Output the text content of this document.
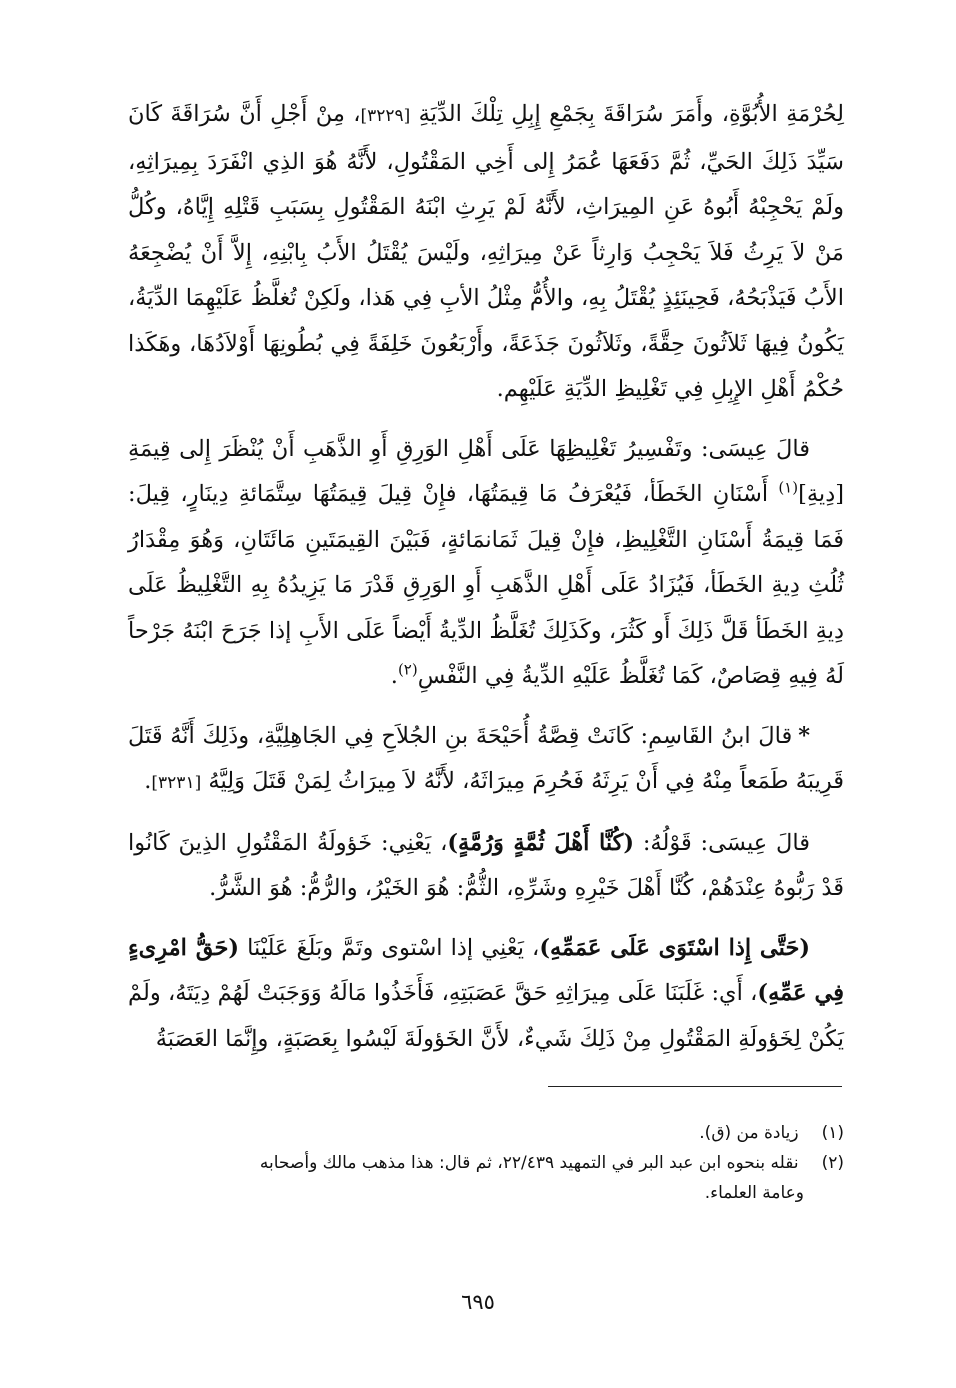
لِحُرْمَةِ الأُبُوَّةِ، وأَمَرَ سُرَاقَةَ بِجَمْعِ إِبِلِ تِلْكَ الدِّيَةِ [٣٢٢٩]، مِنْ أَجْلِ أَنَّ سُرَاقَةَ كَانَ سَيِّدَ ذَلِكَ الحَيِّ، ثُمَّ دَفَعَهَا عُمَرُ إِلى أَخِي المَقْتُولِ، لأَنَّهُ هُوَ الذِي انْفَرَدَ بِمِيرَاثِهِ، ولَمْ يَحْجِبْهُ أَبُوهُ عَنِ المِيرَاثِ، لأَنَّهُ لَمْ يَرِثِ ابْنَهُ المَقْتُولِ بِسَبَبِ قَتْلِهِ إِيَّاهُ، وكُلُّ مَنْ لاَ يَرِثُ فَلاَ يَحْجِبُ وَارِثاً عَنْ مِيرَاثِهِ، ولَيْسَ يُقْتَلُ الأَبُ بِابْنِهِ، إِلاَّ أَنْ يُضْجِعَهُ الأَبُ فَيَذْبَحُهُ، فَحِينَئِذٍ يُقْتَلُ بِهِ، والأُمُّ مِثْلُ الأبِ فِي هَذا، ولَكِنْ تُغلَّظُ عَلَيْهِمَا الدِّيَةُ، يَكُونُ فِيهَا ثَلاَثُونَ حِقَّةً، وثَلاَثُونَ جَذَعَةً، وأَرْبَعُونَ خَلِفَةً فِي بُطُونِهَا أَوْلاَدُهَا، وهَكَذا حُكْمُ أَهْلِ الإِبِلِ فِي تَغْلِيظِ الدِّيَةِ عَلَيْهِم.

قالَ عِيسَى: وتَفْسِيرُ تَغْلِيظِهَا عَلَى أَهْلِ الوَرِقِ أَوِ الذَّهَبِ أَنْ يُنْظَرَ إِلى قِيمَةِ [دِيةِ]$^{(١)}$ أَسْنَانِ الخَطَأ، فَيُعْرَفُ مَا قِيمَتُهَا، فإِنْ قِيلَ قِيمَتُهَا سِتَّمَائةِ دِينَارٍ، قِيلَ: فَمَا قِيمَةُ أَسْنَانِ التَّغْلِيظِ، فإِنْ قِيلَ ثَمَانمَائةٍ، فَبَيْنَ القِيمَتَينِ مَائَتَانِ، وَهُوَ مِقْدَارُ ثُلُثِ دِيةِ الخَطَأ، فَيُزَادُ عَلَى أَهْلِ الذَّهَبِ أَوِ الوَرِقِ قَدْرَ مَا يَزِيدُهُ بِهِ التَّغْلِيظُ عَلَى دِيةِ الخَطَأ قَلَّ ذَلِكَ أَو كَثُرَ، وكَذَلِكَ تُغَلَّظُ الدِّيةُ أَيْضاً عَلَى الأَبِ إذا جَرَحَ ابْنَهُ جَرْحاً لَهُ فِيهِ قِصَاصٌ، كَمَا تُغَلَّظُ عَلَيْهِ الدِّيةُ فِي النَّفْسِ$^{(٢)}$.

*قالَ ابنُ القَاسِمِ: كَانَتْ قِصَّةُ أُحَيْحَةَ بنِ الجُلاَحِ فِي الجَاهِلِيَّةِ، وذَلِكَ أَنَّهُ قَتَلَ قَرِيبَهُ طَمَعاً مِنْهُ فِي أَنْ يَرِثَهُ فَحُرِمَ مِيرَاثَهُ، لأَنَّهُ لاَ مِيرَاثُ لِمَنْ قَتَلَ وَلِيَّهُ [٣٢٣١].

قالَ عِيسَى: قَوْلُهُ: (كُنَّا أَهْلَ ثُمَّةٍ وَرُمَّةٍ)، يَعْنِي: خَؤولَةُ المَقْتُولِ الذِينَ كَانُوا قَدْ رَبُّوهُ عِنْدَهُمْ، كُنَّا أَهْلَ خَيْرِهِ وشَرِّهِ، الثُّمُّ: هُوَ الخَيْرُ، والرُّمُّ: هُوَ الشَّرُّ.

(حَتَّى إِذا اسْتَوَى عَلَى عَمَمِّهِ)، يَعْنِي إذا اسْتوى وتَمَّ وبَلَغَ عَلَيْنَا (حَقُّ امْرِىءٍ فِي عَمِّهِ)، أَي: غَلَبَنَا عَلَى مِيرَاثِهِ حَقَّ عَصَبَتِهِ، فَأَخَذُوا مَالَهُ وَوَجَبَتْ لَهُمْ دِيَتَهُ، ولَمْ يَكُنْ لِخَؤولَةِ المَقْتُولِ مِنْ ذَلِكَ شَيءٌ، لأَنَّ الخَؤولَةَ لَيْسُوا بِعَصَبَةٍ، وإِنَّمَا العَصَبَةُ

(١) زيادة من (ق).

(٢) نقله بنحوه ابن عبد البر في التمهيد ٢٢/٤٣٩، ثم قال: هذا مذهب مالك وأصحابه

وعامة العلماء.

٦٩٥
